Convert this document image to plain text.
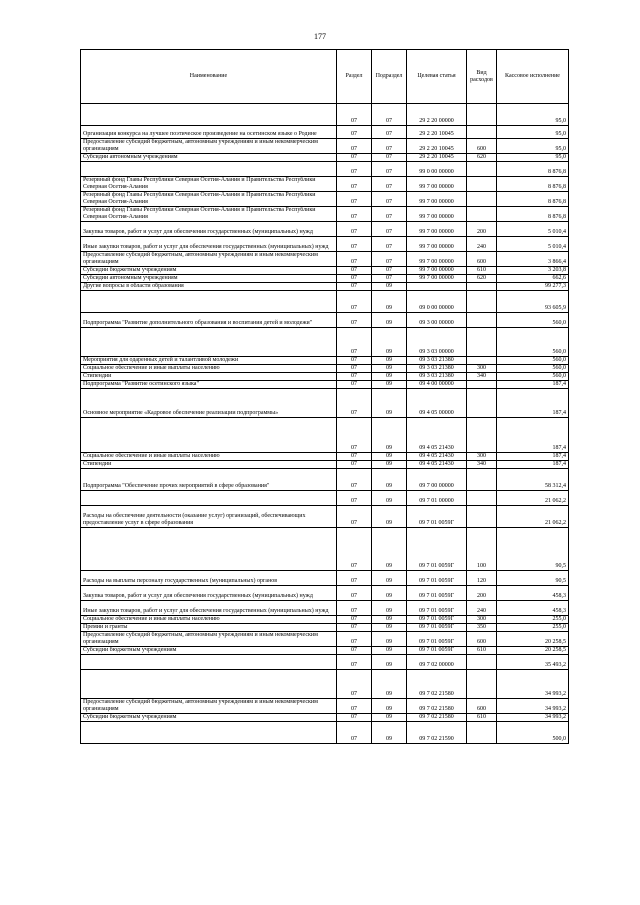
177
Наименование	Раздел	Подраздел	Целевая статья	Вид расходов	Кассовое исполнение
	07	07	29 2 20 00000		95,0
Организация конкурса на лучшее поэтическое произведение на осетинском языке о Родине	07	07	29 2 20 10045		95,0
Предоставление субсидий бюджетным, автономным учреждениям и иным некоммерческим организациям	07	07	29 2 20 10045	600	95,0
Субсидии автономным учреждениям	07	07	29 2 20 10045	620	95,0
	07	07	99 0 00 00000		8 876,8
Резервный фонд Главы Республики Северная Осетия-Алания и Правительства Республики Северная Осетия-Алания	07	07	99 7 00 00000		8 876,8
Резервный фонд Главы Республики Северная Осетия-Алания и Правительства Республики Северная Осетия-Алания	07	07	99 7 00 00000		8 876,8
Резервный фонд Главы Республики Северная Осетия-Алания и Правительства Республики Северная Осетия-Алания	07	07	99 7 00 00000		8 876,8
Закупка товаров, работ и услуг для обеспечения государственных (муниципальных) нужд	07	07	99 7 00 00000	200	5 010,4
Иные закупки товаров, работ и услуг для обеспечения государственных (муниципальных) нужд	07	07	99 7 00 00000	240	5 010,4
Предоставление субсидий бюджетным, автономным учреждениям и иным некоммерческим организациям	07	07	99 7 00 00000	600	3 866,4
Субсидии бюджетным учреждениям	07	07	99 7 00 00000	610	3 203,8
Субсидии автономным учреждениям	07	07	99 7 00 00000	620	662,6
Другие вопросы в области образования	07	09			99 277,3
	07	09	09 0 00 00000		93 605,9
Подпрограмма "Развитие дополнительного образования и воспитания детей и молодежи"	07	09	09 3 00 00000		560,0
	07	09	09 3 03 00000		560,0
Мероприятия для одаренных детей и талантливой молодежи	07	09	09 3 03 21380		560,0
Социальное обеспечение и иные выплаты населению	07	09	09 3 03 21380	300	560,0
Стипендии	07	09	09 3 03 21380	340	560,0
Подпрограмма "Развитие осетинского языка"	07	09	09 4 00 00000		187,4
Основное мероприятие «Кадровое обеспечение реализации подпрограммы»	07	09	09 4 05 00000		187,4
	07	09	09 4 05 21430		187,4
Социальное обеспечение и иные выплаты населению	07	09	09 4 05 21430	300	187,4
Стипендии	07	09	09 4 05 21430	340	187,4
Подпрограмма "Обеспечение прочих мероприятий в сфере образования"	07	09	09 7 00 00000		58 312,4
	07	09	09 7 01 00000		21 062,2
Расходы на обеспечение деятельности (оказание услуг) организаций, обеспечивающих предоставление услуг в сфере образования	07	09	09 7 01 0059Г		21 062,2
	07	09	09 7 01 0059Г	100	90,5
Расходы на выплаты персоналу государственных (муниципальных) органов	07	09	09 7 01 0059Г	120	90,5
Закупка товаров, работ и услуг для обеспечения государственных (муниципальных) нужд	07	09	09 7 01 0059Г	200	458,3
Иные закупки товаров, работ и услуг для обеспечения государственных (муниципальных) нужд	07	09	09 7 01 0059Г	240	458,3
Социальное обеспечение и иные выплаты населению	07	09	09 7 01 0059Г	300	255,0
Премии и гранты	07	09	09 7 01 0059Г	350	255,0
Предоставление субсидий бюджетным, автономным учреждениям и иным некоммерческим организациям	07	09	09 7 01 0059Г	600	20 258,5
Субсидии бюджетным учреждениям	07	09	09 7 01 0059Г	610	20 258,5
	07	09	09 7 02 00000		35 493,2
	07	09	09 7 02 21580		34 993,2
Предоставление субсидий бюджетным, автономным учреждениям и иным некоммерческим организациям	07	09	09 7 02 21580	600	34 993,2
Субсидии бюджетным учреждениям	07	09	09 7 02 21580	610	34 993,2
	07	09	09 7 02 21590		500,0
